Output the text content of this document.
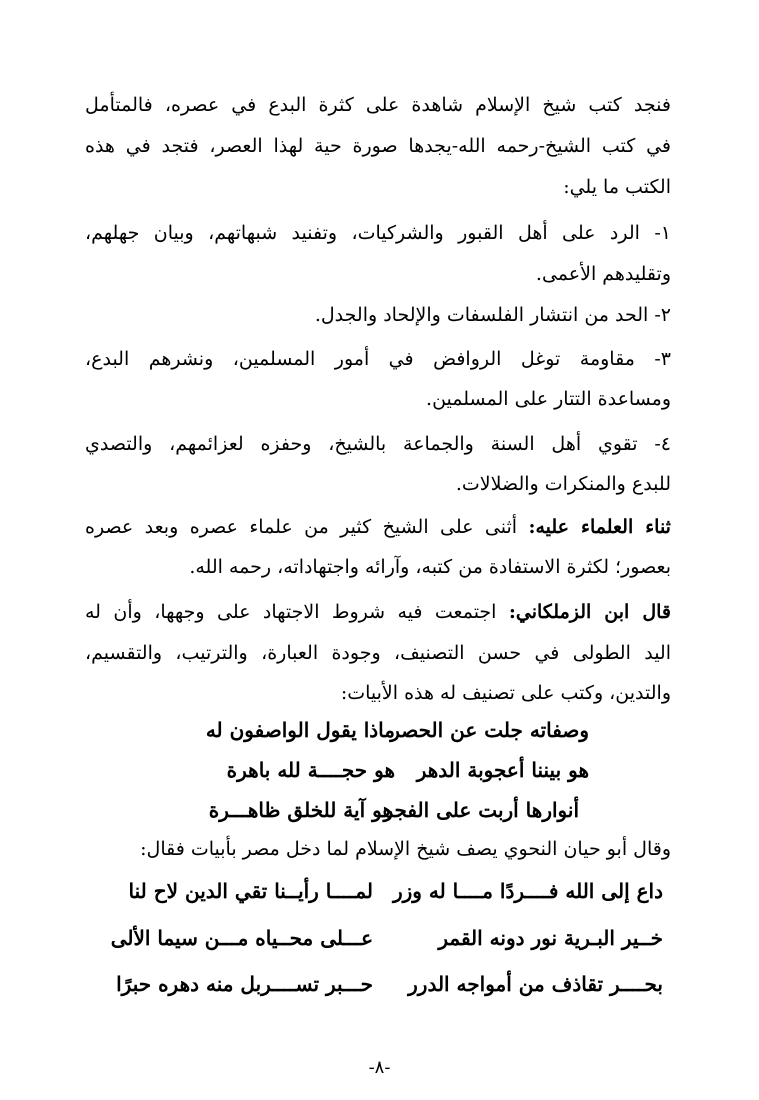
فنجد كتب شيخ الإسلام شاهدة على كثرة البدع في عصره، فالمتأمل
في كتب الشيخ-رحمه الله-يجدها صورة حية لهذا العصر، فتجد في هذه
الكتب ما يلي:
١- الرد على أهل القبور والشركيات، وتفنيد شبهاتهم، وبيان جهلهم،
وتقليدهم الأعمى.
٢- الحد من انتشار الفلسفات والإلحاد والجدل.
٣- مقاومة توغل الروافض في أمور المسلمين، ونشرهم البدع،
ومساعدة التتار على المسلمين.
٤- تقوي أهل السنة والجماعة بالشيخ، وحفزه لعزائمهم، والتصدي
للبدع والمنكرات والضلالات.
ثناء العلماء عليه: أثنى على الشيخ كثير من علماء عصره وبعد عصره
بعصور؛ لكثرة الاستفادة من كتبه، وآرائه واجتهاداته، رحمه الله.
قال ابن الزملكاني: اجتمعت فيه شروط الاجتهاد على وجهها، وأن له
اليد الطولى في حسن التصنيف، وجودة العبارة، والترتيب، والتقسيم،
والتدين، وكتب على تصنيف له هذه الأبيات:
ماذا يقول الواصفون له
وصفاته جلت عن الحصر
هو حجــــة لله باهرة هو بيننا أعجوبة الدهر
هو آية للخلق ظاهـــرة
أنوارها أربت على الفجر
وقال أبو حيان النحوي يصف شيخ الإسلام لما دخل مصر بأبيات فقال:
لمــــا رأيــنا تقي الدين لاح لنا داع إلى الله فــــردًا مــــا له وزر
عـــلى محــياه مـــن سيما الألى	خــير البـرية نور دونه القمر
حـــبر تســــربل منه دهره حبرًا بحــــر تقاذف من أمواجه الدرر
-٨-
